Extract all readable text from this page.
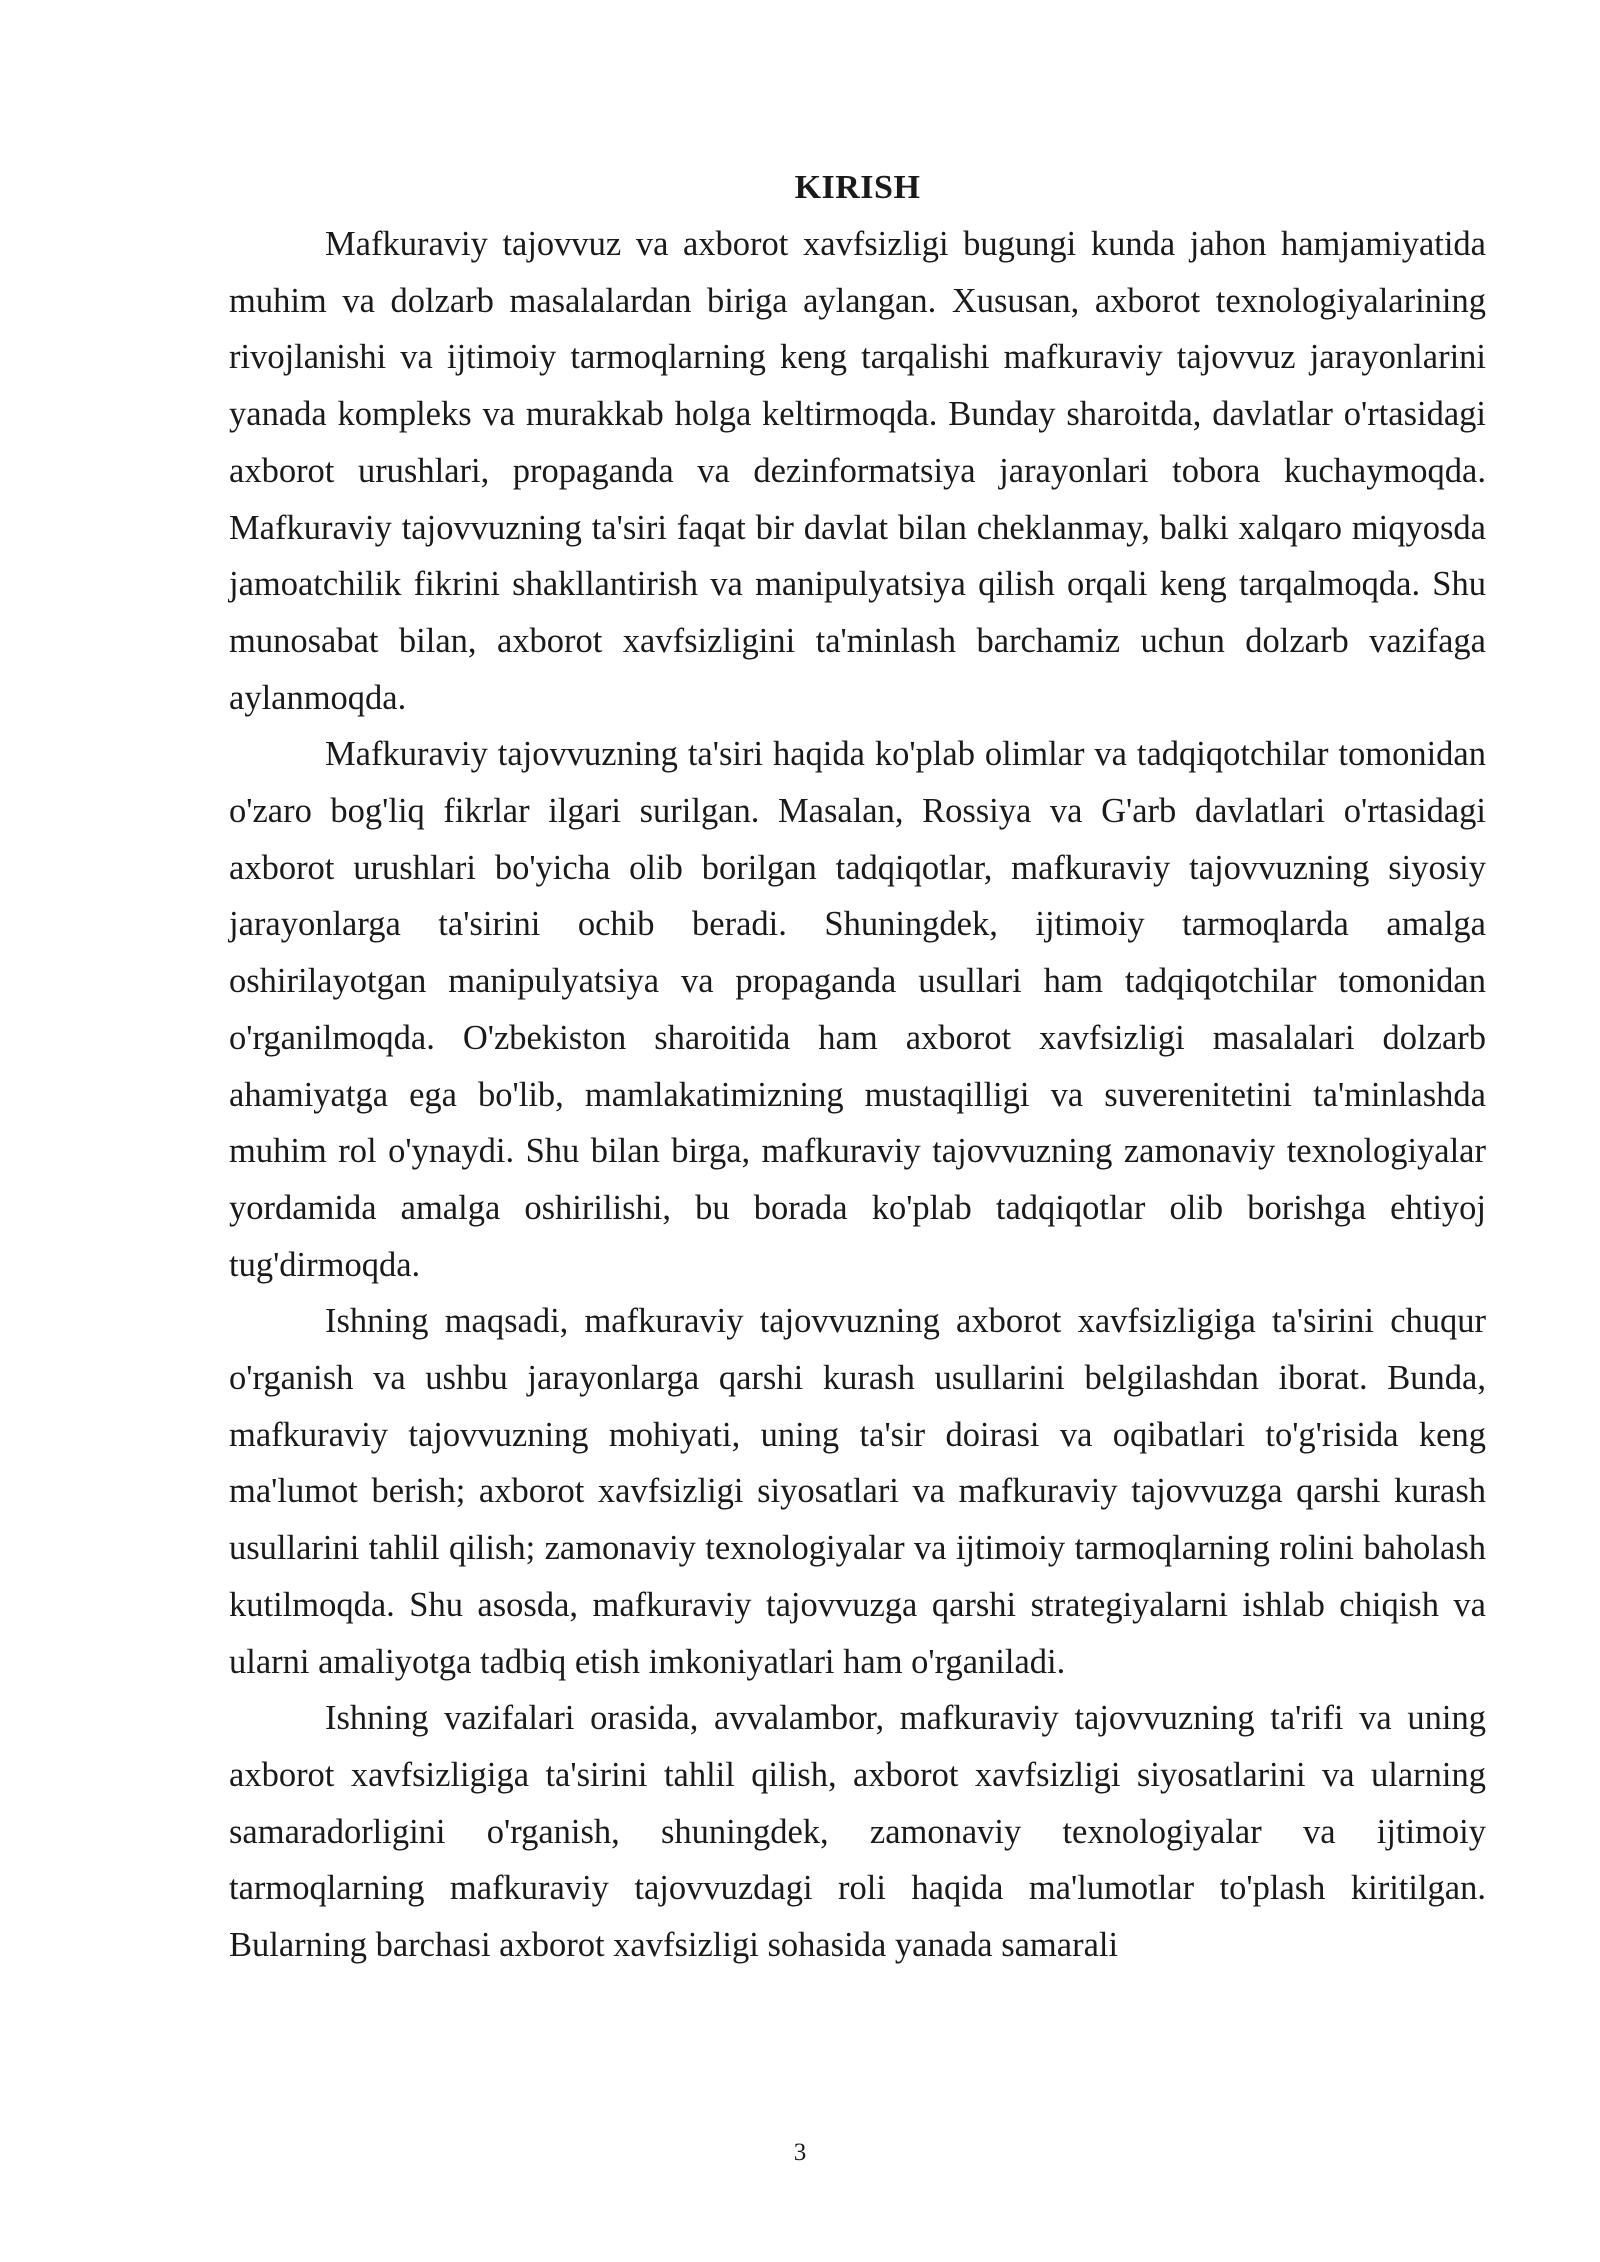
KIRISH

Mafkuraviy tajovvuz va axborot xavfsizligi bugungi kunda jahon hamjamiyatida muhim va dolzarb masalalardan biriga aylangan. Xususan, axborot texnologiyalarining rivojlanishi va ijtimoiy tarmoqlarning keng tarqalishi mafkuraviy tajovvuz jarayonlarini yanada kompleks va murakkab holga keltirmoqda. Bunday sharoitda, davlatlar o'rtasidagi axborot urushlari, propaganda va dezinformatsiya jarayonlari tobora kuchaymoqda. Mafkuraviy tajovvuzning ta'siri faqat bir davlat bilan cheklanmay, balki xalqaro miqyosda jamoatchilik fikrini shakllantirish va manipulyatsiya qilish orqali keng tarqalmoqda. Shu munosabat bilan, axborot xavfsizligini ta'minlash barchamiz uchun dolzarb vazifaga aylanmoqda.

Mafkuraviy tajovvuzning ta'siri haqida ko'plab olimlar va tadqiqotchilar tomonidan o'zaro bog'liq fikrlar ilgari surilgan. Masalan, Rossiya va G'arb davlatlari o'rtasidagi axborot urushlari bo'yicha olib borilgan tadqiqotlar, mafkuraviy tajovvuzning siyosiy jarayonlarga ta'sirini ochib beradi. Shuningdek, ijtimoiy tarmoqlarda amalga oshirilayotgan manipulyatsiya va propaganda usullari ham tadqiqotchilar tomonidan o'rganilmoqda. O'zbekiston sharoitida ham axborot xavfsizligi masalalari dolzarb ahamiyatga ega bo'lib, mamlakatimizning mustaqilligi va suverenitetini ta'minlashda muhim rol o'ynaydi. Shu bilan birga, mafkuraviy tajovvuzning zamonaviy texnologiyalar yordamida amalga oshirilishi, bu borada ko'plab tadqiqotlar olib borishga ehtiyoj tug'dirmoqda.

Ishning maqsadi, mafkuraviy tajovvuzning axborot xavfsizligiga ta'sirini chuqur o'rganish va ushbu jarayonlarga qarshi kurash usullarini belgilashdan iborat. Bunda, mafkuraviy tajovvuzning mohiyati, uning ta'sir doirasi va oqibatlari to'g'risida keng ma'lumot berish; axborot xavfsizligi siyosatlari va mafkuraviy tajovvuzga qarshi kurash usullarini tahlil qilish; zamonaviy texnologiyalar va ijtimoiy tarmoqlarning rolini baholash kutilmoqda. Shu asosda, mafkuraviy tajovvuzga qarshi strategiyalarni ishlab chiqish va ularni amaliyotga tadbiq etish imkoniyatlari ham o'rganiladi.

Ishning vazifalari orasida, avvalambor, mafkuraviy tajovvuzning ta'rifi va uning axborot xavfsizligiga ta'sirini tahlil qilish, axborot xavfsizligi siyosatlarini va ularning samaradorligini o'rganish, shuningdek, zamonaviy texnologiyalar va ijtimoiy tarmoqlarning mafkuraviy tajovvuzdagi roli haqida ma'lumotlar to'plash kiritilgan. Bularning barchasi axborot xavfsizligi sohasida yanada samarali

3
